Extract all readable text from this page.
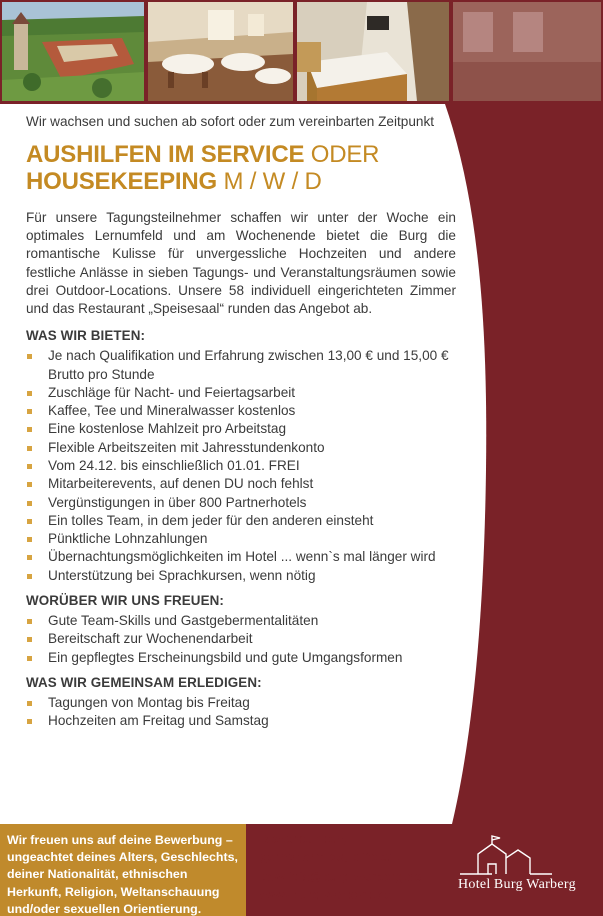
Wir wachsen und suchen ab sofort oder zum vereinbarten Zeitpunkt

AUSHILFEN IM SERVICE ODER
HOUSEKEEPING M / W / D

Für unsere Tagungsteilnehmer schaffen wir unter der Woche ein optimales Lernumfeld und am Wochenende bietet die Burg die romantische Kulisse für unvergessliche Hochzeiten und andere festliche Anlässe in sieben Tagungs- und Veranstaltungsräumen sowie drei Outdoor-Locations. Unsere 58 individuell eingerichteten Zimmer und das Restaurant „Speisesaal“ runden das Angebot ab.

WAS WIR BIETEN:
Je nach Qualifikation und Erfahrung zwischen 13,00 € und 15,00 € Brutto pro Stunde
Zuschläge für Nacht- und Feiertagsarbeit
Kaffee, Tee und Mineralwasser kostenlos
Eine kostenlose Mahlzeit pro Arbeitstag
Flexible Arbeitszeiten mit Jahresstundenkonto
Vom 24.12. bis einschließlich 01.01. FREI
Mitarbeiterevents, auf denen DU noch fehlst
Vergünstigungen in über 800 Partnerhotels
Ein tolles Team, in dem jeder für den anderen einsteht
Pünktliche Lohnzahlungen
Übernachtungsmöglichkeiten im Hotel ... wenn`s mal länger wird
Unterstützung bei Sprachkursen, wenn nötig
WORÜBER WIR UNS FREUEN:
Gute Team-Skills und Gastgebermentalitäten
Bereitschaft zur Wochenendarbeit
Ein gepflegtes Erscheinungsbild und gute Umgangsformen
WAS WIR GEMEINSAM ERLEDIGEN:
Tagungen von Montag bis Freitag
Hochzeiten am Freitag und Samstag

Wir freuen uns auf deine Bewerbung – ungeachtet deines Alters, Geschlechts, deiner Nationalität, ethnischen Herkunft, Religion, Weltanschauung und/oder sexuellen Orientierung.

Bewerbungen,
gerne formlos, bitte an:
pawlidis@burg-warberg.de
www.burg-warberg.de
Hotel Burg Warberg
